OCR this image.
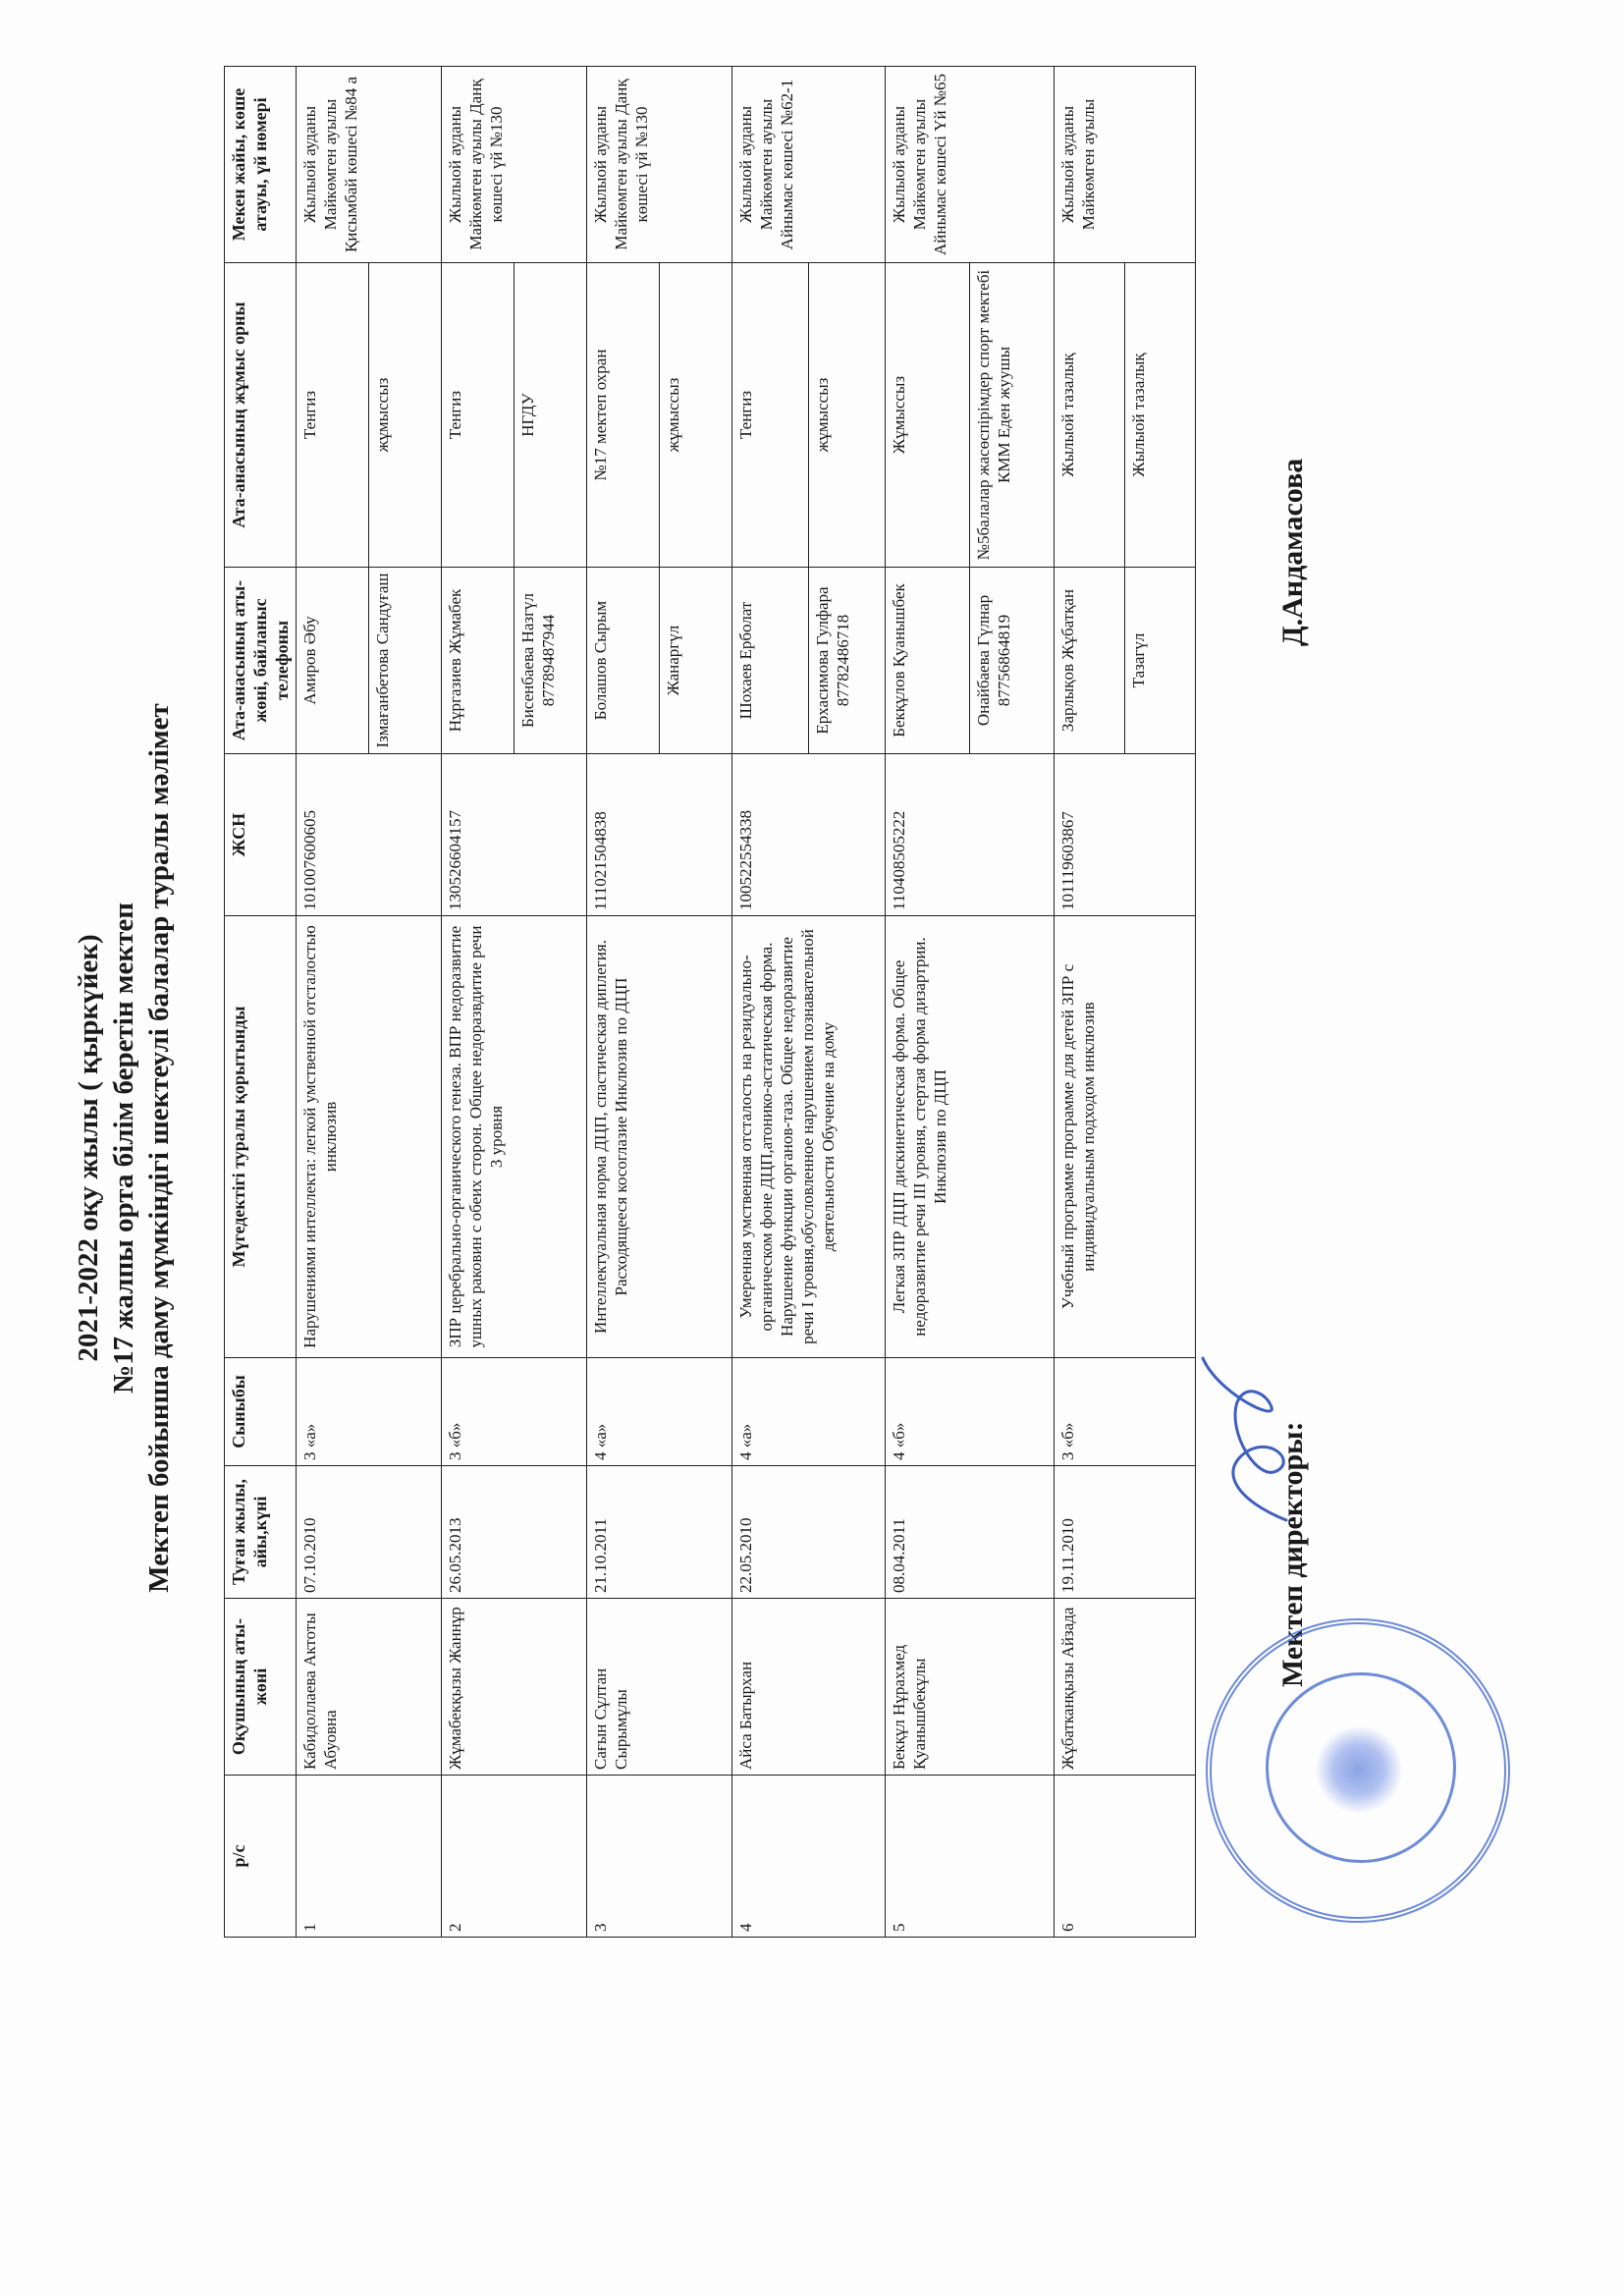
2021-2022 оқу жылы ( қыркүйек) №17 жалпы орта білім беретін мектеп Мектеп бойынша даму мүмкіндігі шектеулі балалар туралы мәлімет
р/с	Оқушының аты-жөні	Туған жылы, айы,күні	Сыныбы	Мүгедектігі туралы қорытынды	ЖСН	Ата-анасының аты-жөні, байланыс телефоны	Ата-анасының жұмыс орны	Мекен жайы, көше атауы, үй нөмері
1	Кабидоллаева Актоты Абуовна	07.10.2010	3 «а»	Нарушениями интеллекта: легкой умственной отсталостью инклюзив	101007600605	Амиров Әбу	Тенгиз	Жылыой ауданы Майкөмген ауылы Қисымбай көшесі №84 а
						Ізмағанбетова Сандуғаш	жұмыссыз	
2	Жұмабекқызы Жаннұр	26.05.2013	3 «б»	ЗПР церебрально-органического генеза. ВПР недоразвитие ушных раковин с обеих сторон. Общее недоразвдитие речи 3 уровня	130526604157	Нұргазиев Жұмабек	Тенгиз	Жылыой ауданы Майкөмген ауылы Данқ көшесі үй №130
						Бисенбаева Назгүл 87789487944	НГДУ	
3	Сағын Сұлтан Сырымұлы	21.10.2011	4 «а»	Интеллектуальная норма ДЦП, спастическая диплегия. Расходящееся косоглазие Инклюзив по ДЦП	111021504838	Болашов Сырым	№17 мектеп охран	Жылыой ауданы Майкөмген ауылы Данқ көшесі үй №130
						Жанаргүл	жұмыссыз	
4	Айса Батырхан	22.05.2010	4 «а»	Умеренная умственная отсталость на резидуально-органическом фоне ДЦП,атонико-астатическая форма. Нарушение функции органов-таза. Общее недоразвитие речи I уровня,обусловленное нарушением познавательной деятельности Обучение на дому	100522554338	Шохаев Ерболат	Тенгиз	Жылыой ауданы Майкөмген ауылы Айнымас көшесі №62-1
						Ерхасимова Гулфара 87782486718	жұмыссыз	
5	Бекқұл Нұрахмед Қуанышбекұлы	08.04.2011	4 «б»	Легкая ЗПР ДЦП дискинетическая форма. Общее недоразвитие речи III уровня, стертая форма дизартрии. Инклюзив по ДЦП	110408505222	Бекқұлов Қуанышбек	Жұмыссыз	Жылыой ауданы Майкөмген ауылы Айнымас көшесі Үй №65
						Онайбаева Гүлнар 87756864819	№5балалар жасөспірімдер спорт мектебі КММ Еден жуушы	
6	Жұбатканқызы Айзада	19.11.2010	3 «б»	Учебный программе программе для детей ЗПР с индивидуальным подходом инклюзив	101119603867	Зарлықов Жұбатқан	Жылыой тазалық	Жылыой ауданы Майкөмген ауылы
						Тазагүл	Жылыой тазалық	
Мектеп директоры:
Д.Андамасова
